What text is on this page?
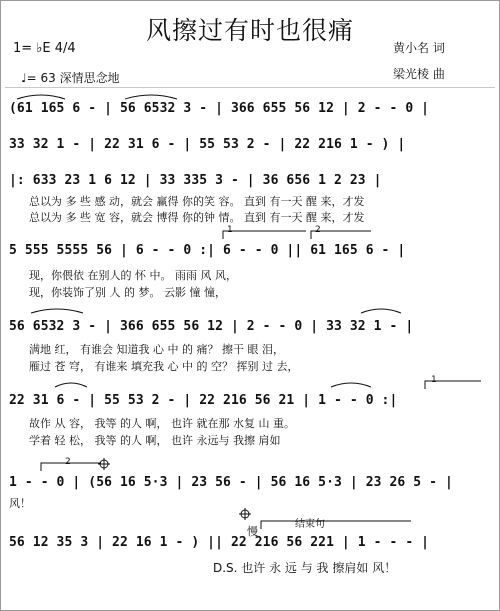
风擦过有时也很痛
1= ♭E 4/4
♩= 63 深情思念地
黄小名 词
梁光棱 曲
(61 165 6 - | 56 6532 3 - | 366 655 56 12 | 2 - - 0 |
33 32 1 - | 22 31 6 - | 55 53 2 - | 22 216 1 - ) |
|: 633 23 1 6 12 | 33 335 3 - | 36 656 1 2 23 |
总以为 多 些 感 动，就会 赢得 你的笑 容。 直到 有一天 醒 来，才发
总以为 多 些 宽 容，就会 博得 你的钟 情。 直到 有一天 醒 来，才发
5 555 5555 56 | 6 - - 0 :| 6 - - 0 || 61 165 6 - |
现，你偎依 在别人的 怀 中。 雨雨 风 风，
现，你装饰了别 人 的 梦。 云影 憧 憧，
56 6532 3 - | 366 655 56 12 | 2 - - 0 | 33 32 1 - |
满地 红， 有谁会 知道我 心 中 的 痛？ 擦干 眼 泪，
雁过 苍 穹， 有谁来 填充我 心 中 的 空？ 挥别 过 去，
22 31 6 - | 55 53 2 - | 22 216 56 21 | 1 - - 0 :|
故作 从 容， 我等 的人 啊， 也许 就在那 水复 山 重。
学着 轻 松， 我等 的人 啊， 也许 永远与 我擦 肩如
1 - - 0 | (56 16 5·3 | 23 56 - | 56 16 5·3 | 23 26 5 - |
风！
56 12 35 3 | 22 16 1 - ) || 22 216 56 221 | 1 - - - |
D.S. 也许 永 远 与 我 擦肩如 风！
1	2
1
2
结束句
慢
